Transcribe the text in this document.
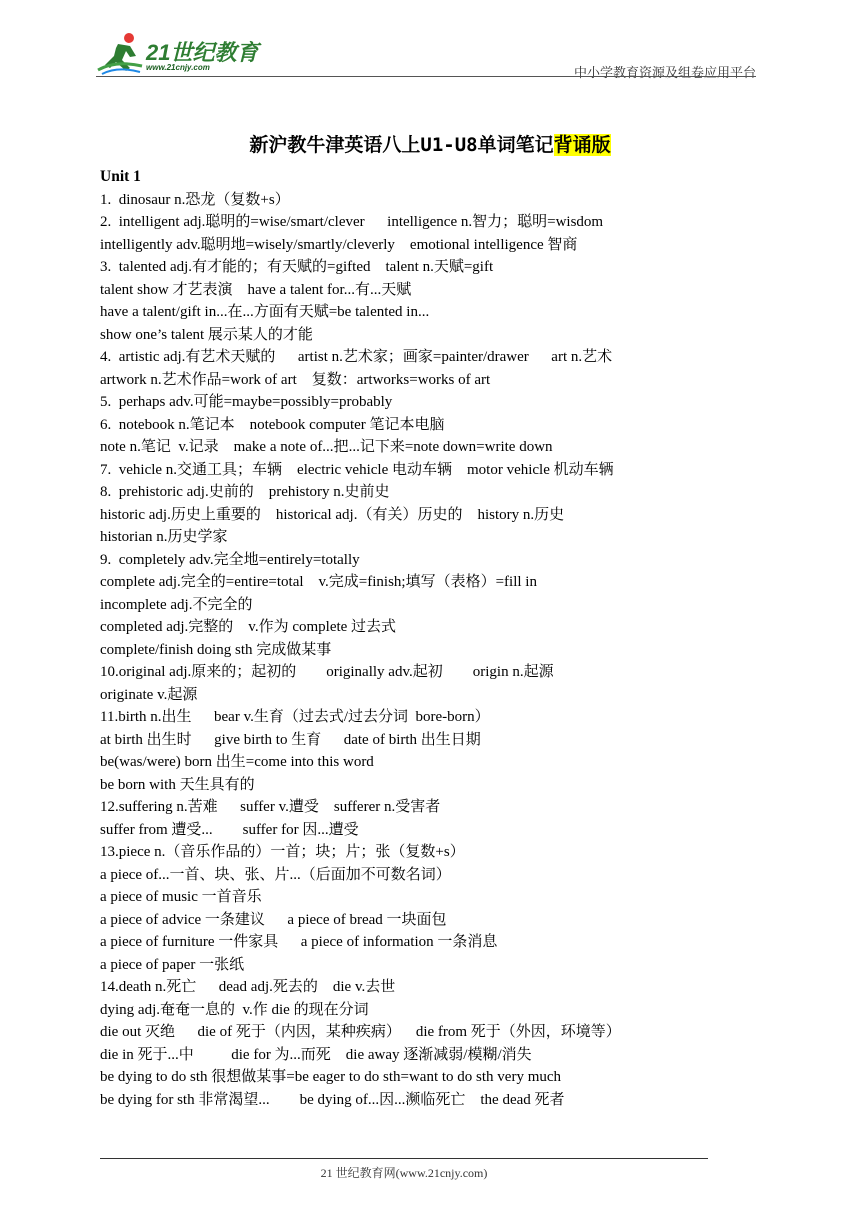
21世纪教育
www.21cnjy.com	中小学教育资源及组卷应用平台
新沪教牛津英语八上U1-U8单词笔记背诵版
Unit 1
1.  dinosaur n.恐龙（复数+s）
2.  intelligent adj.聪明的=wise/smart/clever      intelligence n.智力；聪明=wisdom
intelligently adv.聪明地=wisely/smartly/cleverly    emotional intelligence 智商
3.  talented adj.有才能的；有天赋的=gifted    talent n.天赋=gift
talent show 才艺表演    have a talent for...有...天赋
have a talent/gift in...在...方面有天赋=be talented in...
show one’s talent 展示某人的才能
4.  artistic adj.有艺术天赋的      artist n.艺术家；画家=painter/drawer      art n.艺术
artwork n.艺术作品=work of art    复数：artworks=works of art
5.  perhaps adv.可能=maybe=possibly=probably
6.  notebook n.笔记本    notebook computer 笔记本电脑
note n.笔记  v.记录    make a note of...把...记下来=note down=write down
7.  vehicle n.交通工具；车辆    electric vehicle 电动车辆    motor vehicle 机动车辆
8.  prehistoric adj.史前的    prehistory n.史前史
historic adj.历史上重要的    historical adj.（有关）历史的    history n.历史
historian n.历史学家
9.  completely adv.完全地=entirely=totally
complete adj.完全的=entire=total    v.完成=finish;填写（表格）=fill in
incomplete adj.不完全的
completed adj.完整的    v.作为 complete 过去式
complete/finish doing sth 完成做某事
10.original adj.原来的；起初的        originally adv.起初        origin n.起源
originate v.起源
11.birth n.出生      bear v.生育（过去式/过去分词  bore-born）
at birth 出生时      give birth to 生育      date of birth 出生日期
be(was/were) born 出生=come into this word
be born with 天生具有的
12.suffering n.苦难      suffer v.遭受    sufferer n.受害者
suffer from 遭受...        suffer for 因...遭受
13.piece n.（音乐作品的）一首；块；片；张（复数+s）
a piece of...一首、块、张、片...（后面加不可数名词）
a piece of music 一首音乐
a piece of advice 一条建议      a piece of bread 一块面包
a piece of furniture 一件家具      a piece of information 一条消息
a piece of paper 一张纸
14.death n.死亡      dead adj.死去的    die v.去世
dying adj.奄奄一息的  v.作 die 的现在分词
die out 灭绝      die of 死于（内因，某种疾病）    die from 死于（外因，环境等）
die in 死于...中          die for 为...而死    die away 逐渐减弱/模糊/消失
be dying to do sth 很想做某事=be eager to do sth=want to do sth very much
be dying for sth 非常渴望...        be dying of...因...濒临死亡    the dead 死者
21 世纪教育网(www.21cnjy.com)
